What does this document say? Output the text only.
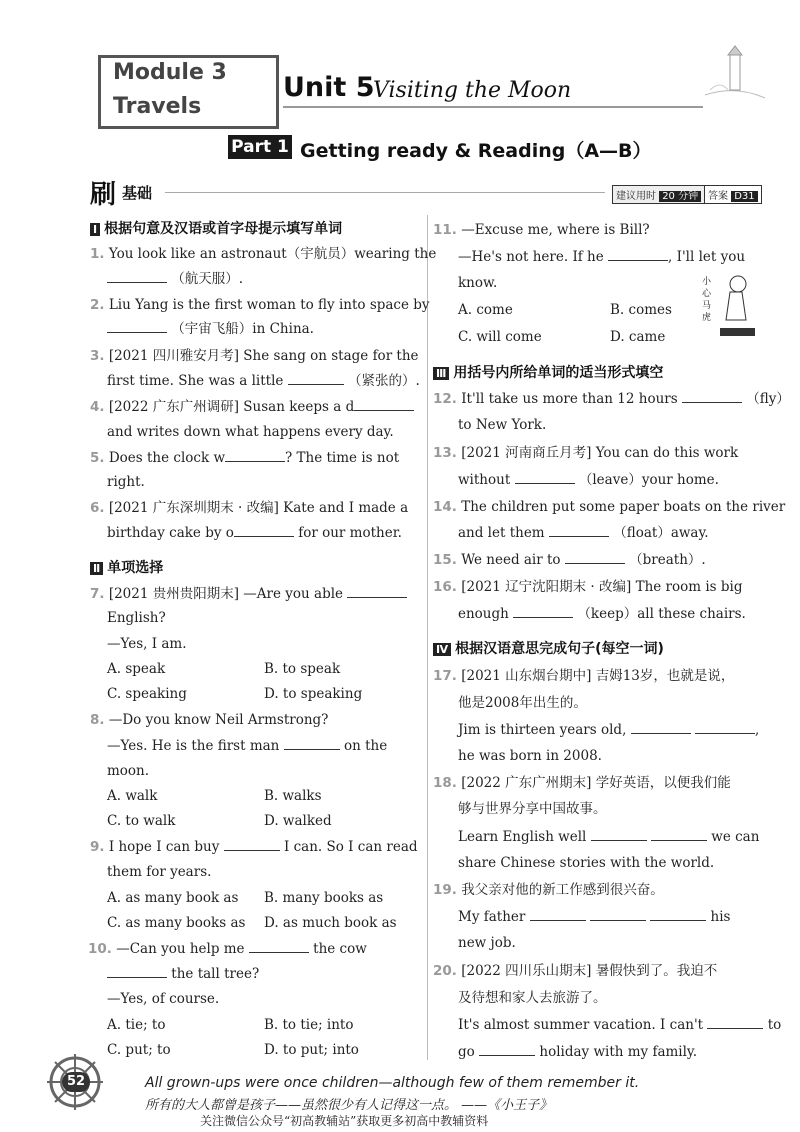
Module 3
Travels
Unit 5
Visiting the Moon
Part 1 Getting ready & Reading（A—B）
刷 基础	建议用时 20 分钟 答案 D31
Ⅰ 根据句意及汉语或首字母提示填写单词
1. You look like an astronaut（宇航员）wearing the
（航天服）.
2. Liu Yang is the first woman to fly into space by
（宇宙飞船）in China.
3. [2021 四川雅安月考] She sang on stage for the
first time. She was a little	（紧张的）.
4. [2022 广东广州调研] Susan keeps a d
and writes down what happens every day.
5. Does the clock w	? The time is not
right.
6. [2021 广东深圳期末 · 改编] Kate and I made a
birthday cake by o	for our mother.
Ⅱ 单项选择
7. [2021 贵州贵阳期末] —Are you able
English?
—Yes, I am.
A. speak	B. to speak
C. speaking	D. to speaking
8. —Do you know Neil Armstrong?
—Yes. He is the first man	on the
moon.
A. walk	B. walks
C. to walk	D. walked
9. I hope I can buy	I can. So I can read
them for years.
A. as many book as B. many books as
C. as many books as D. as much book as
10. —Can you help me	the cow
the tall tree?
—Yes, of course.
A. tie; to	B. to tie; into
C. put; to	D. to put; into
11. —Excuse me, where is Bill?
—He's not here. If he	, I'll let you
know.
A. come	B. comes
C. will come	D. came
小
心
马
虎
Ⅲ 用括号内所给单词的适当形式填空
12. It'll take us more than 12 hours	（fly）
to New York.
13. [2021 河南商丘月考] You can do this work
without	（leave）your home.
14. The children put some paper boats on the river
and let them	（float）away.
15. We need air to	（breath）.
16. [2021 辽宁沈阳期末 · 改编] The room is big
enough	（keep）all these chairs.
Ⅳ 根据汉语意思完成句子(每空一词)
17. [2021 山东烟台期中] 吉姆13岁，也就是说，
他是2008年出生的。
Jim is thirteen years old,	,
he was born in 2008.
18. [2022 广东广州期末] 学好英语，以便我们能
够与世界分享中国故事。
Learn English well	we can
share Chinese stories with the world.
19. 我父亲对他的新工作感到很兴奋。
My father	his
new job.
20. [2022 四川乐山期末] 暑假快到了。我迫不
及待想和家人去旅游了。
It's almost summer vacation. I can't	to
go	holiday with my family.
52	All grown-ups were once children—although few of them remember it.
所有的大人都曾是孩子——虽然很少有人记得这一点。 ——《小王子》
关注微信公众号“初高教辅站”获取更多初高中教辅资料
